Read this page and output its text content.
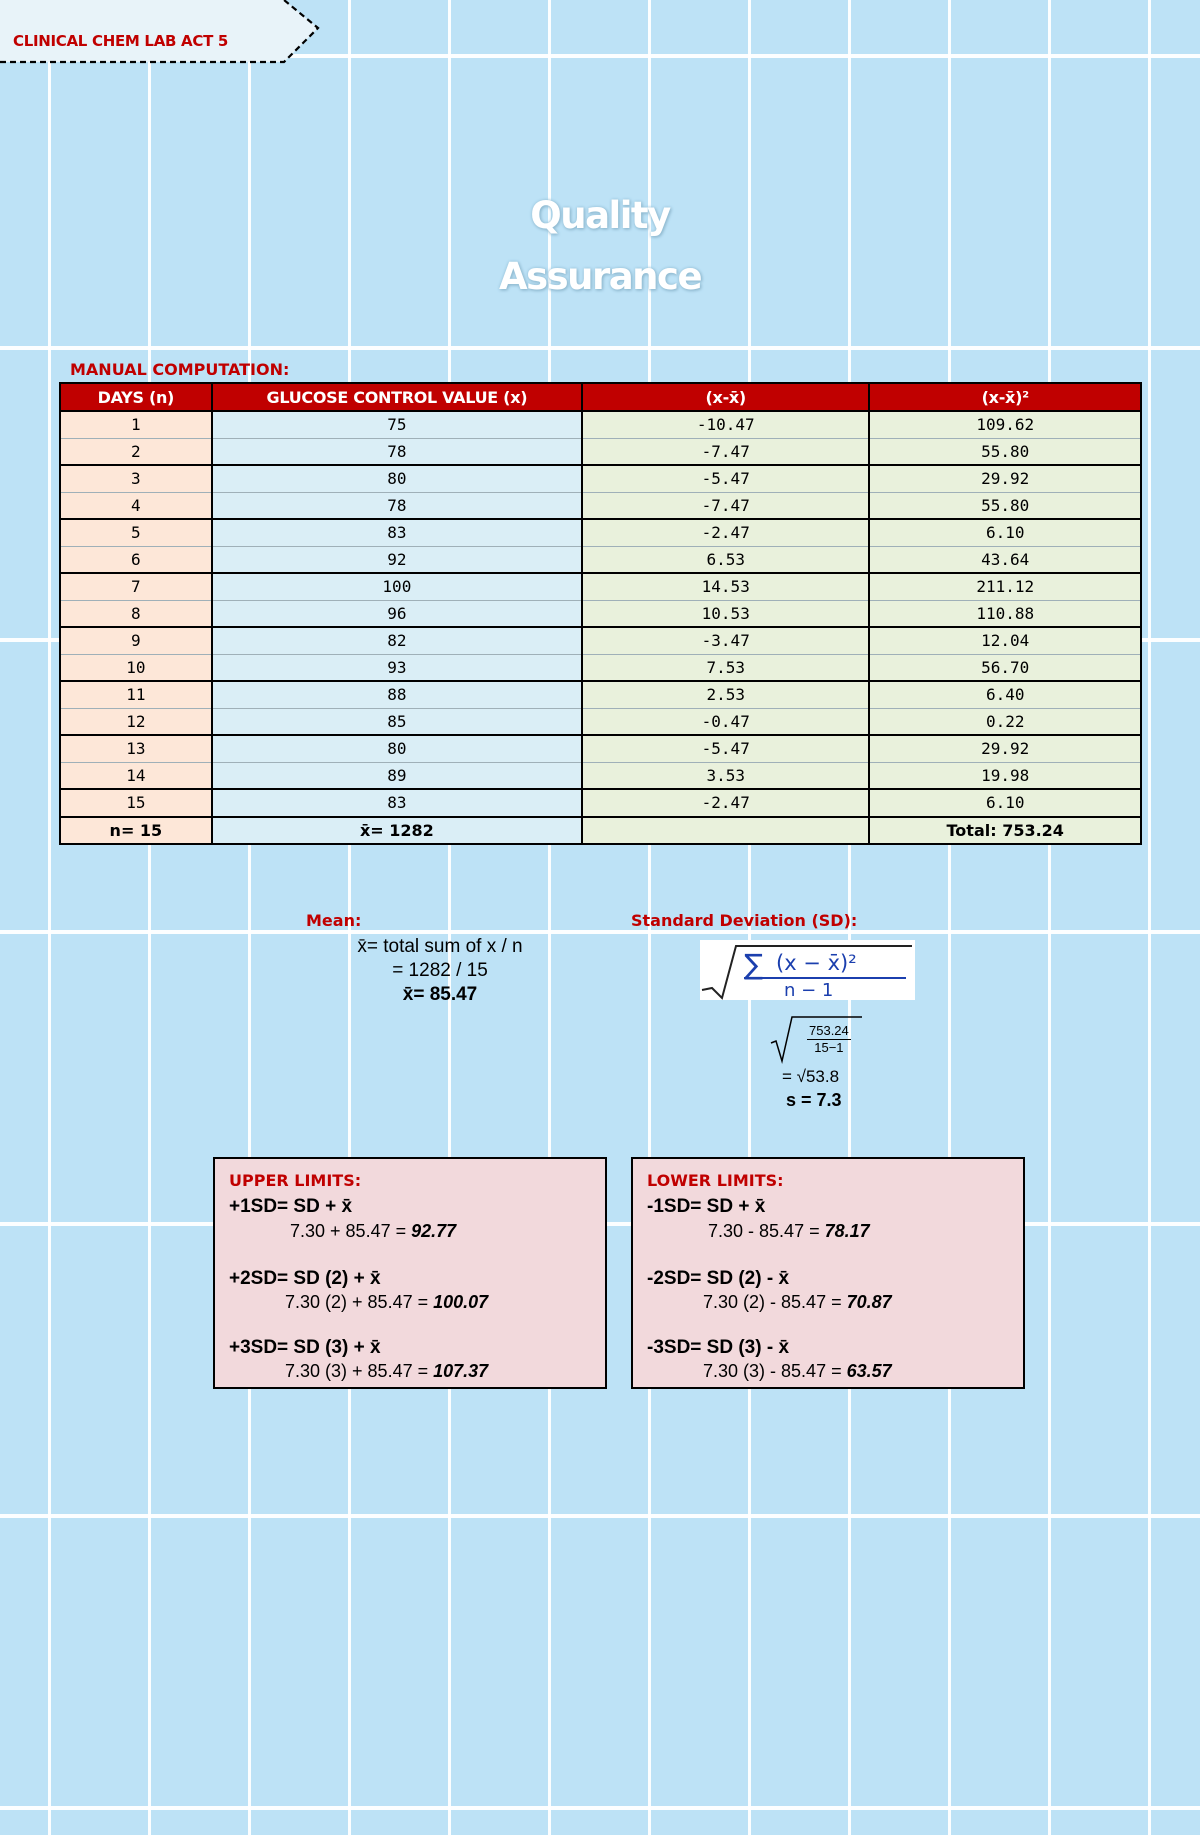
CLINICAL CHEM LAB ACT 5
Quality
Assurance
MANUAL COMPUTATION:
DAYS (n)	GLUCOSE CONTROL VALUE (x)	(x-x̄)	(x-x̄)²
1	75	-10.47	109.62
2	78	-7.47	55.80
3	80	-5.47	29.92
4	78	-7.47	55.80
5	83	-2.47	6.10
6	92	6.53	43.64
7	100	14.53	211.12
8	96	10.53	110.88
9	82	-3.47	12.04
10	93	7.53	56.70
11	88	2.53	6.40
12	85	-0.47	0.22
13	80	-5.47	29.92
14	89	3.53	19.98
15	83	-2.47	6.10
n= 15	x̄= 1282		Total: 753.24
Mean:
x̄= total sum of x / n
= 1282 / 15
x̄= 85.47
Standard Deviation (SD):
∑ (x − x̄)²
n − 1
$\frac{753.24}{15-1}$
= √53.8
s = 7.3
UPPER LIMITS:
+1SD= SD + x̄
7.30 + 85.47 = 92.77
+2SD= SD (2) + x̄
7.30 (2) + 85.47 = 100.07
+3SD= SD (3) + x̄
7.30 (3) + 85.47 = 107.37
LOWER LIMITS:
-1SD= SD + x̄
7.30 - 85.47 = 78.17
-2SD= SD (2) - x̄
7.30 (2) - 85.47 = 70.87
-3SD= SD (3) - x̄
7.30 (3) - 85.47 = 63.57
